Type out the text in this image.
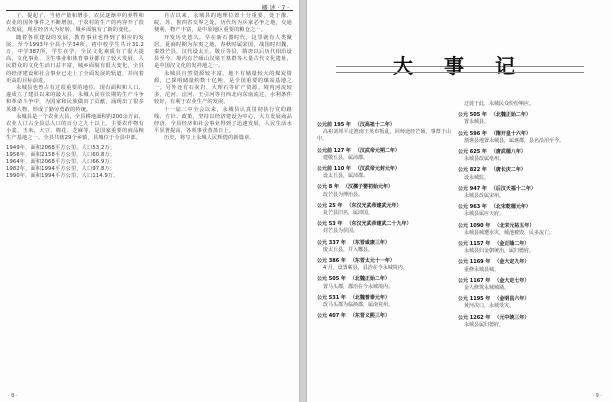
概 述 · 7 ·

了，提起了，当初产量和增多，农民逐渐中的养牲和农业的国外事件之不断增加，于农村的生产的内容开了很大发展，现在经济大为好转，城乡面貌有了新的变化。

随着各项建设的发展，教育事业也得到了相应的发展。至今1993年全县小学34所，初中校学生共计31.2万，中学387所，学生在学，全民文化素质有了很大提高。文化事业、卫生事业和体育事业都有了较大发展，人民群众的文化生活日益丰富，城乡面貌有很大变化，全县的经济建设和社会事业已走上了全面发展的轨道，并向着更高的目标前进。

永城县也曾占有过很重要的地位，现有面积和人口，遂成立了建县以来的最大县，永城人民在长期的生产斗争和革命斗争中，为国家和民族做出了贡献，涌现出了很多英雄人物，形成了勤劳勇敢的传统。

永城县是一个农业大县，全县耕地面积约200余万亩，农业人口占全县总人口的百分之九十以上。主要农作物有小麦、玉米、大豆、棉花、芝麻等，是国家重要的商品粮生产基地之一。全县共辖29个乡镇，县城位于全县中部。

1949年，面积2068平方公里，人口53.2万；
1956年，面积2158平方公里，人口60.8万；
1964年，面积2068平方公里，人口66.9万；
1982年，面积1994平方公里，人口97.8万；
1990年，面积1994平方公里，人口114.9万。

自古以来，永城县的地理位置十分重要，处于豫、皖、苏、鲁四省交界之处，历代均为兵家必争之地，交通便利，物产丰富，是中原地区重要的粮仓之一。

开发历史悠久。早在新石器时代，这里就有人类聚居。夏商时期为东夷之地，春秋时属宋国，战国时归魏，秦置芒县，汉代设太丘、敬丘等县，隋唐以后历代相沿设县至今。境内有芒砀山汉梁王墓群等大量古代文化遗址，是中国汉文化的发祥地之一。

永城县自然资源较丰富。地下有储量较大的煤炭资源，已探明储量约数十亿吨，是全国重要的煤炭基地之一。另外还有石灰岩、大理石等矿产资源。境内河流较多，沱河、浍河、王引河等自西北向东南流过，水利条件较好，有利于农业生产的发展。

十一届三中全会以来，永城县认真贯彻执行党的路线、方针、政策，坚持以经济建设为中心，大力发展商品经济，全县经济和社会事业得到了迅速发展，人民生活水平显著提高，各项事业蒸蒸日上。

历史，将写上永城人民辉煌的新篇章。

· 8 ·	· 9 ·
大 事 记
公元前 195 年 （汉高祖十二年）
高祖刘邦平定淮南王英布叛乱，回师途经芒砀，事祭于山中。
公元前 127 年 （汉武帝元朔二年）
建敬丘县，属沛郡。
公元前 110 年 （汉武帝元封元年）
设太丘县，属沛郡。
公元 8 年 （汉孺子婴初始元年）
改芒县为博治县。
公元 25 年 （东汉光武帝建武元年）
复芒县旧名，属沛国。
公元 53 年 （东汉光武帝建武二十九年）
封芒县为侯国。
公元 337 年 （东晋咸康三年）
废太丘县，并入酂县。
公元 386 年 （东晋太元十一年）
4 月，设置蕲县，县治在今永城境内。
公元 505 年 （北魏正始二年）
置马头郡，郡治在今永城境内。
公元 531 年 （北魏普泰元年）
改马头郡为临涣郡，属南兖州。
公元 407 年 （东晋义熙三年）
迁徙于此，永城民众纷纷响应。
公元 505 年 （北魏正始二年）
置永城县。
公元 596 年 （隋开皇十六年）
割谯县地置永城县，属谯郡，县名沿用至今。
公元 625 年 （唐武德八年）
永城县改属亳州。
公元 822 年 （唐长庆二年）
设永城监。
公元 947 年 （后汉天福十二年）
永城县改属宋州。
公元 963 年 （北宋乾德元年）
永城县属应天府。
公元 1090 年 （北宋元祐五年）
永城县城遭水灾，城池被毁，民多流亡。
公元 1157 年 （金正隆二年）
永城县归金朝统治，属归德府。
公元 1169 年 （金大定九年）
重修永城县城。
公元 1167 年 （金大定七年）
金人修筑永城城墙。
公元 1195 年 （金明昌六年）
黄河决口，永城受灾。
公元 1262 年 （元中统三年）
永城县属归德府。
